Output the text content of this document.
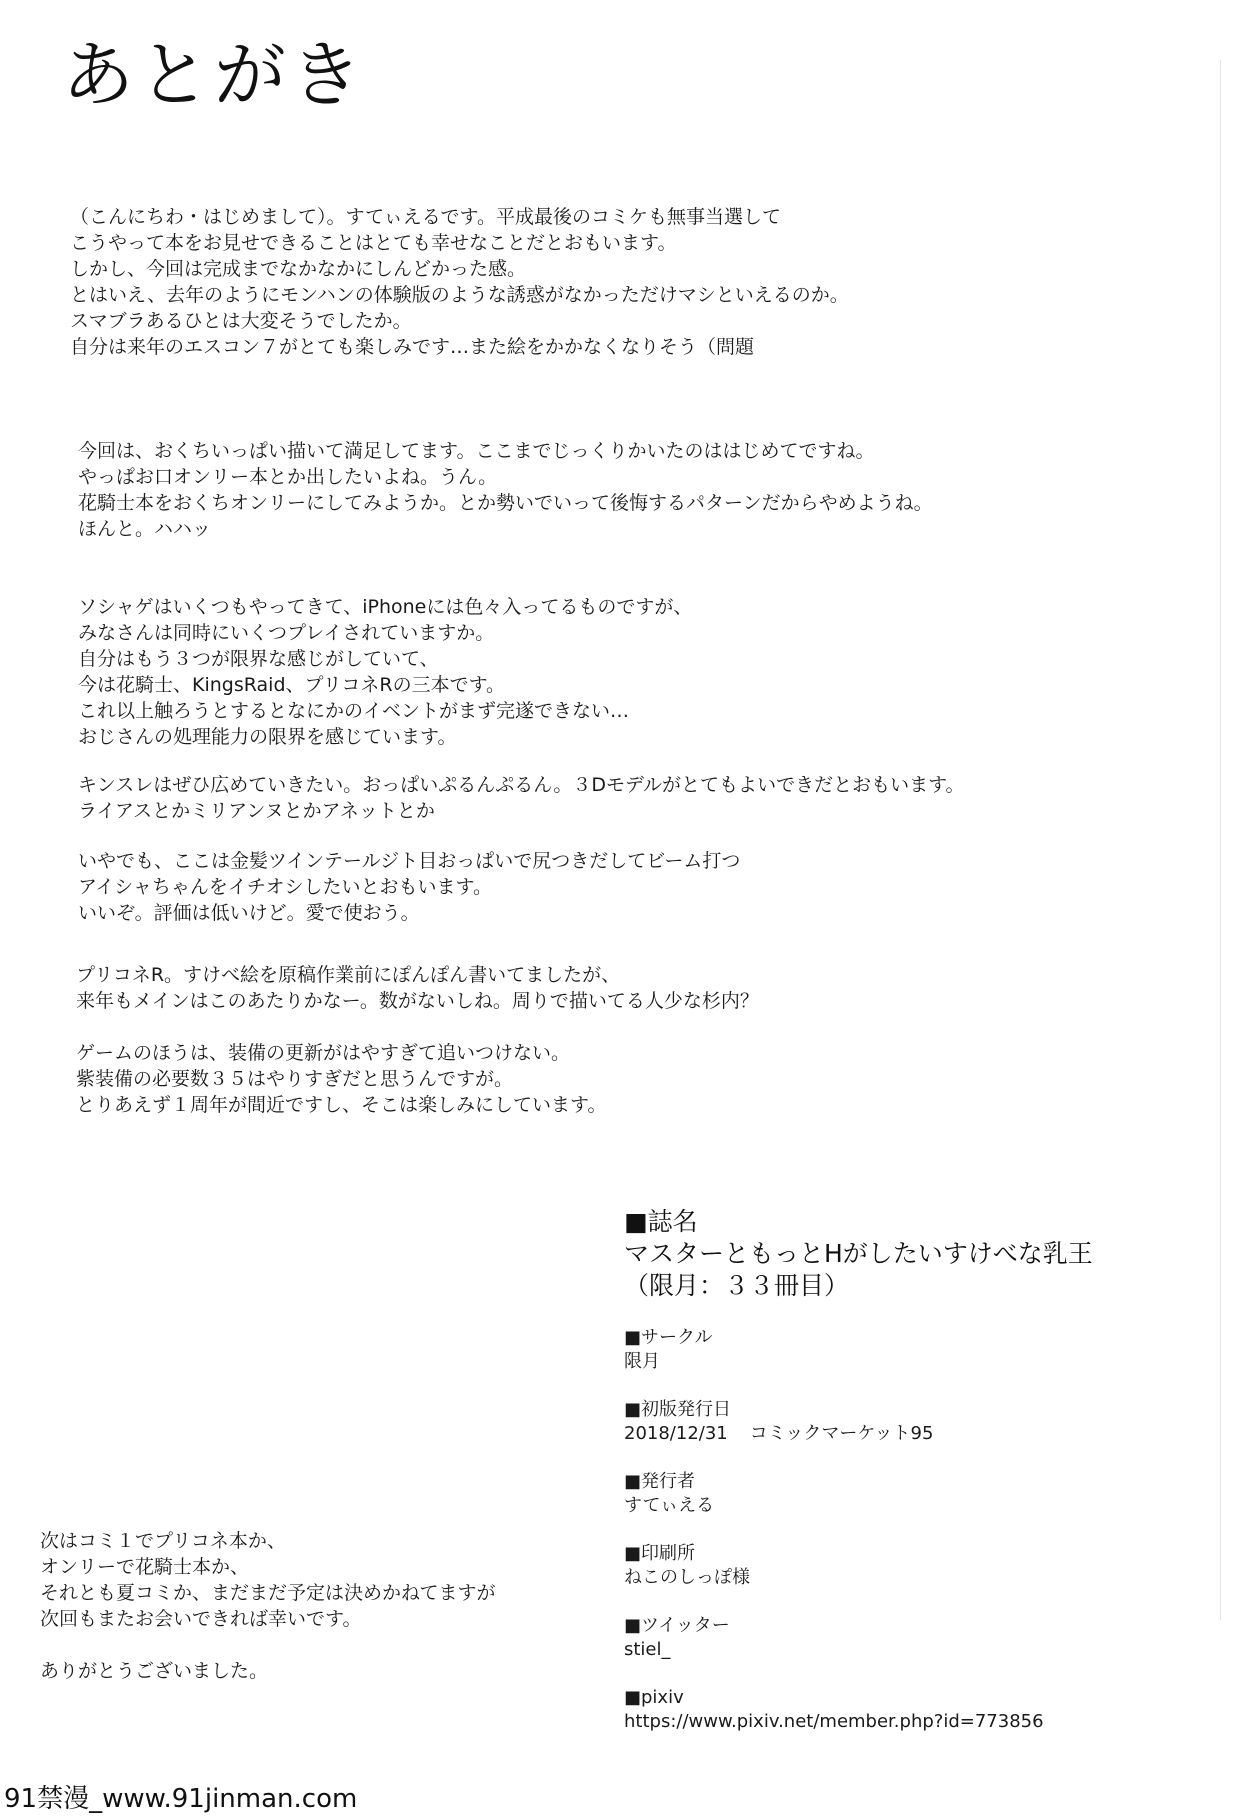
あとがき
（こんにちわ・はじめまして）。すてぃえるです。平成最後のコミケも無事当選して
こうやって本をお見せできることはとても幸せなことだとおもいます。
しかし、今回は完成までなかなかにしんどかった感。
とはいえ、去年のようにモンハンの体験版のような誘惑がなかっただけマシといえるのか。
スマブラあるひとは大変そうでしたか。
自分は来年のエスコン７がとても楽しみです…また絵をかかなくなりそう（問題
今回は、おくちいっぱい描いて満足してます。ここまでじっくりかいたのははじめてですね。
やっぱお口オンリー本とか出したいよね。うん。
花騎士本をおくちオンリーにしてみようか。とか勢いでいって後悔するパターンだからやめようね。
ほんと。ハハッ
ソシャゲはいくつもやってきて、iPhoneには色々入ってるものですが、
みなさんは同時にいくつプレイされていますか。
自分はもう３つが限界な感じがしていて、
今は花騎士、KingsRaid、プリコネRの三本です。
これ以上触ろうとするとなにかのイベントがまず完遂できない…
おじさんの処理能力の限界を感じています。
キンスレはぜひ広めていきたい。おっぱいぷるんぷるん。３Dモデルがとてもよいできだとおもいます。
ライアスとかミリアンヌとかアネットとか
いやでも、ここは金髪ツインテールジト目おっぱいで尻つきだしてビーム打つ
アイシャちゃんをイチオシしたいとおもいます。
いいぞ。評価は低いけど。愛で使おう。
プリコネR。すけべ絵を原稿作業前にぽんぽん書いてましたが、
来年もメインはこのあたりかなー。数がないしね。周りで描いてる人少な杉内？
ゲームのほうは、装備の更新がはやすぎて追いつけない。
紫装備の必要数３５はやりすぎだと思うんですが。
とりあえず１周年が間近ですし、そこは楽しみにしています。
■誌名
マスターともっとHがしたいすけべな乳王
（限月：３３冊目）
■サークル
限月
■初版発行日
2018/12/31 コミックマーケット95
■発行者
すてぃえる
■印刷所
ねこのしっぽ様
■ツイッター
stiel_
■pixiv
https://www.pixiv.net/member.php?id=773856
次はコミ１でプリコネ本か、
オンリーで花騎士本か、
それとも夏コミか、まだまだ予定は決めかねてますが
次回もまたお会いできれば幸いです。
ありがとうございました。
91禁漫_www.91jinman.com
